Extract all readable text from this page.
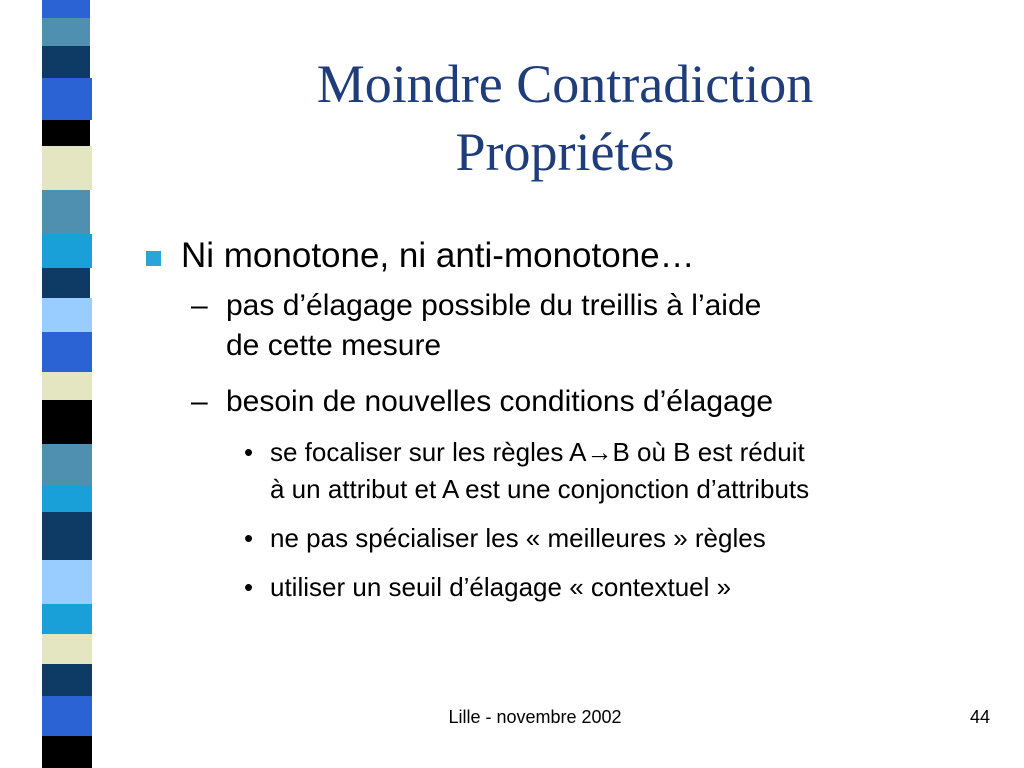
Moindre Contradiction
Propriétés
Ni monotone, ni anti-monotone…
– pas d’élagage possible du treillis à l’aide
de cette mesure
– besoin de nouvelles conditions d’élagage
• se focaliser sur les règles A→B où B est réduit
à un attribut et A est une conjonction d’attributs
• ne pas spécialiser les « meilleures » règles
• utiliser un seuil d’élagage « contextuel »
Lille - novembre 2002	44
